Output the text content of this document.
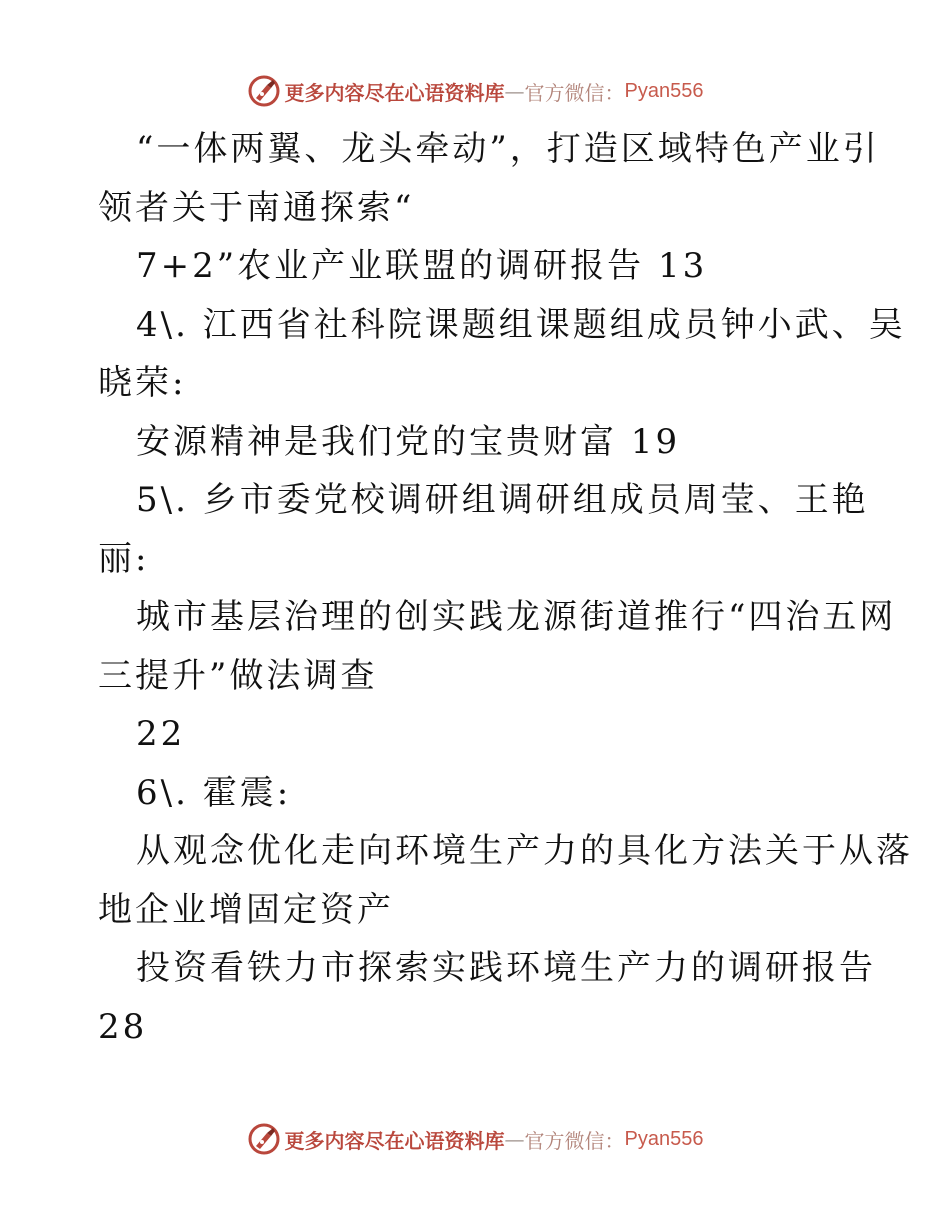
更多内容尽在心语资料库 — 官方微信： Pyan556
“一体两翼、龙头牵动”，打造区域特色产业引
领者关于南通探索“
7+2”农业产业联盟的调研报告 13
4\. 江西省社科院课题组课题组成员钟小武、吴
晓荣:
安源精神是我们党的宝贵财富 19
5\. 乡市委党校调研组调研组成员周莹、王艳
丽:
城市基层治理的创实践龙源街道推行“四治五网
三提升”做法调查
22
6\. 霍震:
从观念优化走向环境生产力的具化方法关于从落
地企业增固定资产
投资看铁力市探索实践环境生产力的调研报告
28
更多内容尽在心语资料库 — 官方微信： Pyan556
